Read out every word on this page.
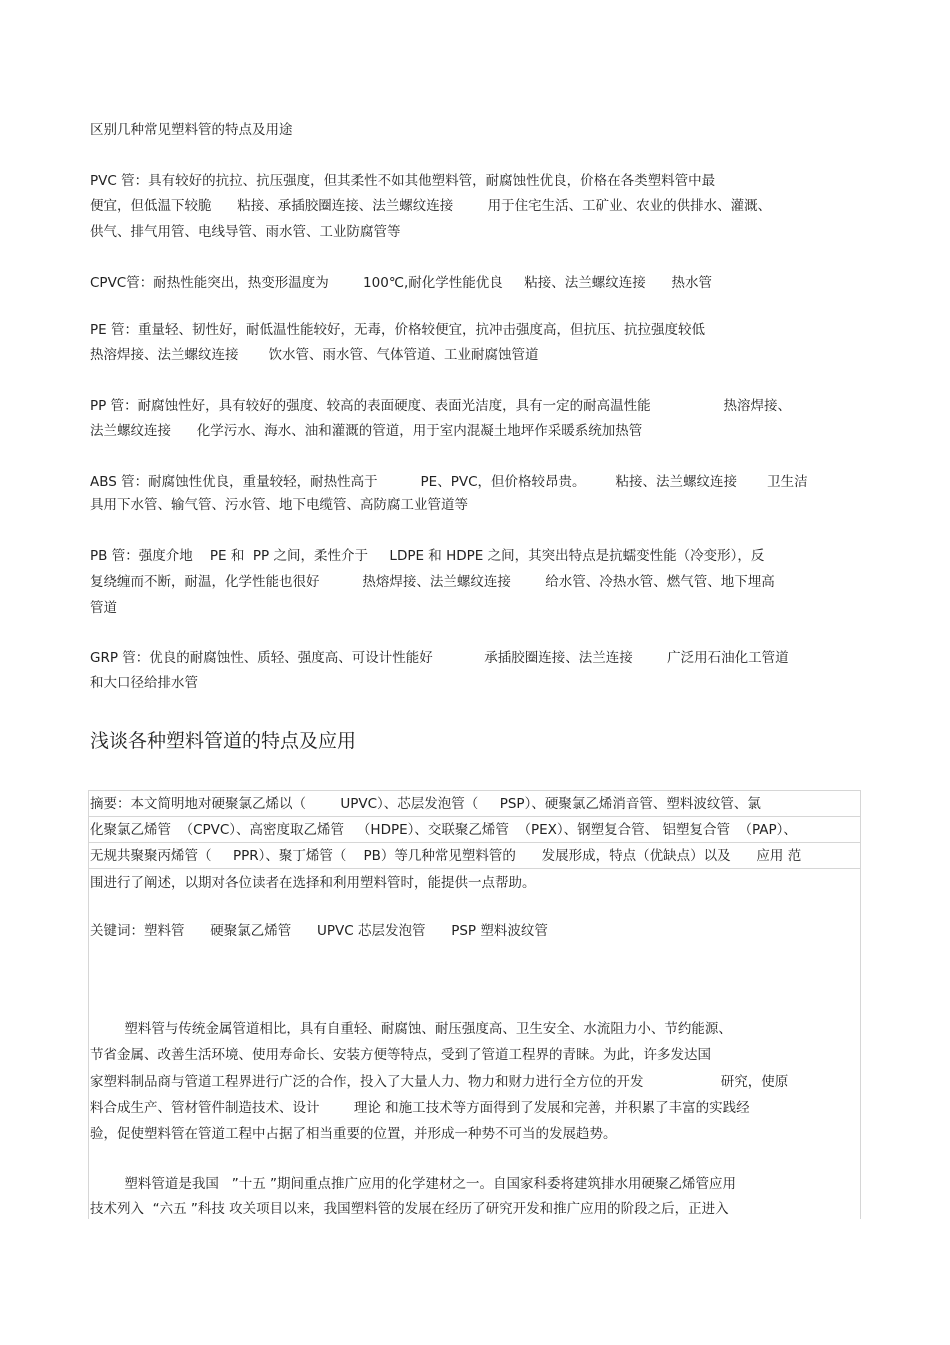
区别几种常见塑料管的特点及用途
PVC 管：具有较好的抗拉、抗压强度，但其柔性不如其他塑料管，耐腐蚀性优良，价格在各类塑料管中最
便宜，但低温下较脆      粘接、承插胶圈连接、法兰螺纹连接        用于住宅生活、工矿业、农业的供排水、灌溉、
供气、排气用管、电线导管、雨水管、工业防腐管等
CPVC管：耐热性能突出，热变形温度为        100℃,耐化学性能优良     粘接、法兰螺纹连接      热水管
PE 管：重量轻、韧性好，耐低温性能较好，无毒，价格较便宜，抗冲击强度高，但抗压、抗拉强度较低
热溶焊接、法兰螺纹连接       饮水管、雨水管、气体管道、工业耐腐蚀管道
PP 管：耐腐蚀性好，具有较好的强度、较高的表面硬度、表面光洁度，具有一定的耐高温性能                 热溶焊接、
法兰螺纹连接      化学污水、海水、油和灌溉的管道，用于室内混凝土地坪作采暖系统加热管
ABS 管：耐腐蚀性优良，重量较轻，耐热性高于          PE、PVC，但价格较昂贵。       粘接、法兰螺纹连接       卫生洁
具用下水管、输气管、污水管、地下电缆管、高防腐工业管道等
PB 管：强度介地    PE 和  PP 之间，柔性介于     LDPE 和 HDPE 之间，其突出特点是抗蠕变性能（冷变形），反
复绕缠而不断，耐温，化学性能也很好          热熔焊接、法兰螺纹连接        给水管、冷热水管、燃气管、地下埋高
管道
GRP 管：优良的耐腐蚀性、质轻、强度高、可设计性能好            承插胶圈连接、法兰连接        广泛用石油化工管道
和大口径给排水管
浅谈各种塑料管道的特点及应用
摘要：本文简明地对硬聚氯乙烯以（        UPVC）、芯层发泡管（     PSP）、硬聚氯乙烯消音管、塑料波纹管、氯
化聚氯乙烯管  （CPVC）、高密度取乙烯管   （HDPE）、交联聚乙烯管  （PEX）、钢塑复合管、 铝塑复合管  （PAP）、
无规共聚聚丙烯管（     PPR）、聚丁烯管（    PB）等几种常见塑料管的      发展形成，特点（优缺点）以及      应用 范
围进行了阐述，以期对各位读者在选择和利用塑料管时，能提供一点帮助。
关键词：塑料管      硬聚氯乙烯管      UPVC 芯层发泡管      PSP 塑料波纹管
塑料管与传统金属管道相比，具有自重轻、耐腐蚀、耐压强度高、卫生安全、水流阻力小、节约能源、
节省金属、改善生活环境、使用寿命长、安装方便等特点，受到了管道工程界的青睐。为此，许多发达国
家塑料制品商与管道工程界进行广泛的合作，投入了大量人力、物力和财力进行全方位的开发                  研究，使原
料合成生产、管材管件制造技术、设计        理论 和施工技术等方面得到了发展和完善，并积累了丰富的实践经
验，促使塑料管在管道工程中占据了相当重要的位置，并形成一种势不可当的发展趋势。
塑料管道是我国   ”十五 ”期间重点推广应用的化学建材之一。自国家科委将建筑排水用硬聚乙烯管应用
技术列入  “六五 ”科技 攻关项目以来，我国塑料管的发展在经历了研究开发和推广应用的阶段之后，正进入
